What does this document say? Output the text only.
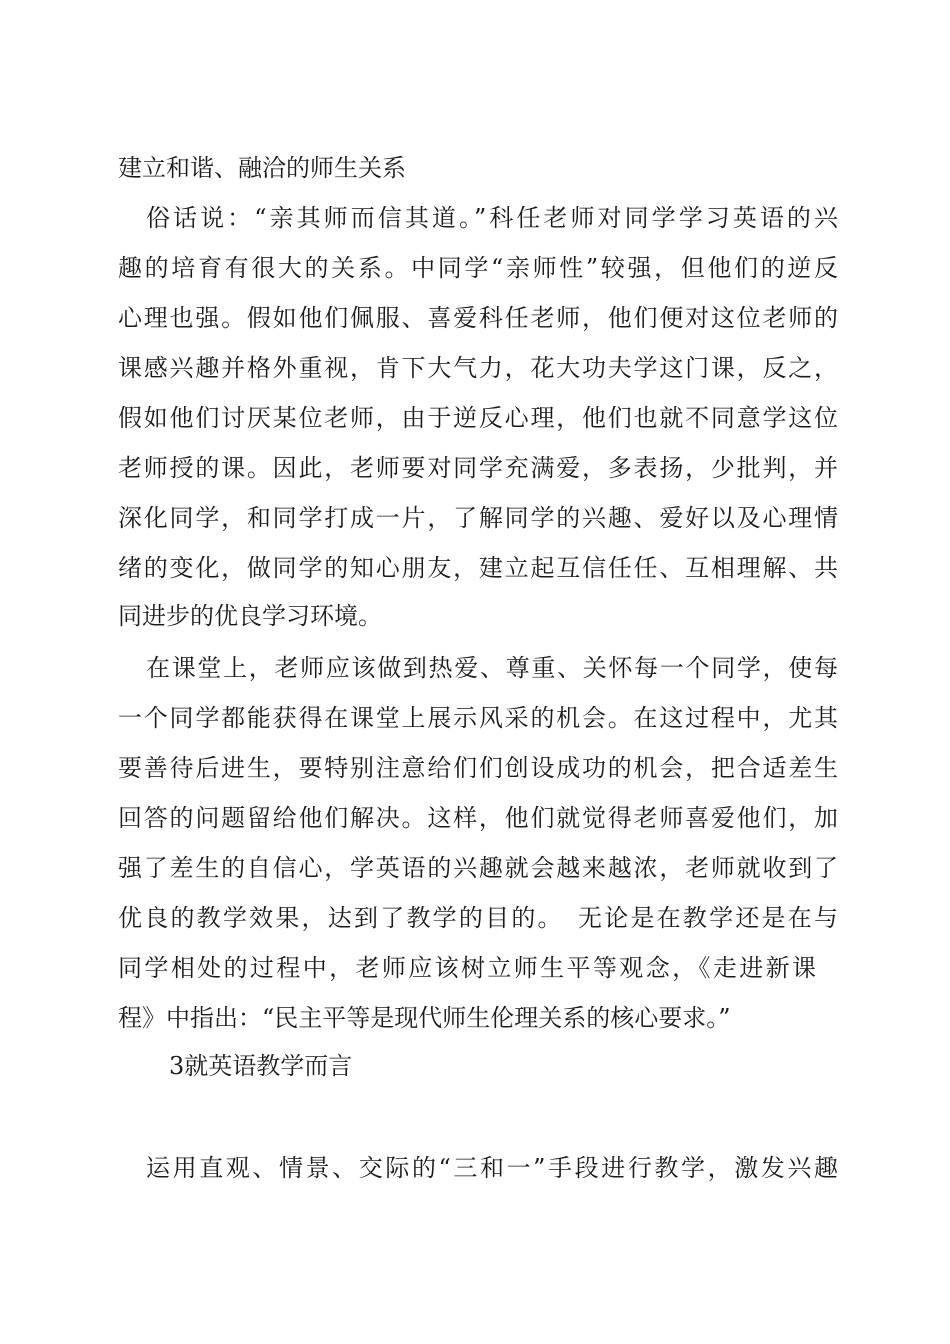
建立和谐、融洽的师生关系
俗话说：“亲其师而信其道。”科任老师对同学学习英语的兴
趣的培育有很大的关系。中同学“亲师性”较强，但他们的逆反
心理也强。假如他们佩服、喜爱科任老师，他们便对这位老师的
课感兴趣并格外重视，肯下大气力，花大功夫学这门课，反之，
假如他们讨厌某位老师，由于逆反心理，他们也就不同意学这位
老师授的课。因此，老师要对同学充满爱，多表扬，少批判，并
深化同学，和同学打成一片，了解同学的兴趣、爱好以及心理情
绪的变化，做同学的知心朋友，建立起互信任任、互相理解、共
同进步的优良学习环境。
在课堂上，老师应该做到热爱、尊重、关怀每一个同学，使每
一个同学都能获得在课堂上展示风采的机会。在这过程中，尤其
要善待后进生，要特别注意给们们创设成功的机会，把合适差生
回答的问题留给他们解决。这样，他们就觉得老师喜爱他们，加
强了差生的自信心，学英语的兴趣就会越来越浓，老师就收到了
优良的教学效果，达到了教学的目的。　无论是在教学还是在与
同学相处的过程中，老师应该树立师生平等观念，《走进新课
程》中指出：“民主平等是现代师生伦理关系的核心要求。”
3就英语教学而言
运用直观、情景、交际的“三和一”手段进行教学，激发兴趣
